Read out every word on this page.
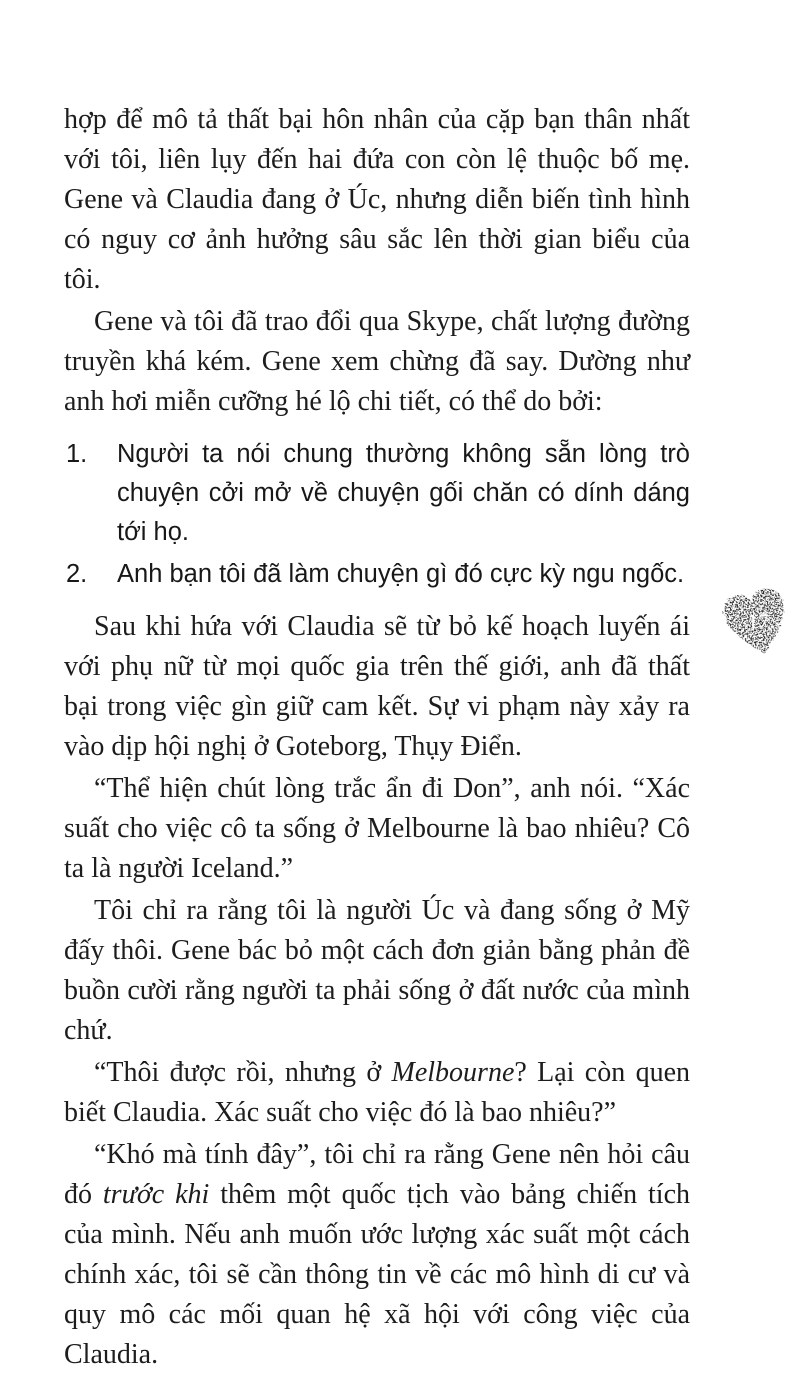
hợp để mô tả thất bại hôn nhân của cặp bạn thân nhất với tôi, liên lụy đến hai đứa con còn lệ thuộc bố mẹ. Gene và Claudia đang ở Úc, nhưng diễn biến tình hình có nguy cơ ảnh hưởng sâu sắc lên thời gian biểu của tôi.

Gene và tôi đã trao đổi qua Skype, chất lượng đường truyền khá kém. Gene xem chừng đã say. Dường như anh hơi miễn cưỡng hé lộ chi tiết, có thể do bởi:

1. Người ta nói chung thường không sẵn lòng trò chuyện cởi mở về chuyện gối chăn có dính dáng tới họ.
2. Anh bạn tôi đã làm chuyện gì đó cực kỳ ngu ngốc.

Sau khi hứa với Claudia sẽ từ bỏ kế hoạch luyến ái với phụ nữ từ mọi quốc gia trên thế giới, anh đã thất bại trong việc gìn giữ cam kết. Sự vi phạm này xảy ra vào dịp hội nghị ở Goteborg, Thụy Điển.

“Thể hiện chút lòng trắc ẩn đi Don”, anh nói. “Xác suất cho việc cô ta sống ở Melbourne là bao nhiêu? Cô ta là người Iceland.”

Tôi chỉ ra rằng tôi là người Úc và đang sống ở Mỹ đấy thôi. Gene bác bỏ một cách đơn giản bằng phản đề buồn cười rằng người ta phải sống ở đất nước của mình chứ.

“Thôi được rồi, nhưng ở Melbourne? Lại còn quen biết Claudia. Xác suất cho việc đó là bao nhiêu?”

“Khó mà tính đây”, tôi chỉ ra rằng Gene nên hỏi câu đó trước khi thêm một quốc tịch vào bảng chiến tích của mình. Nếu anh muốn ước lượng xác suất một cách chính xác, tôi sẽ cần thông tin về các mô hình di cư và quy mô các mối quan hệ xã hội với công việc của Claudia.

17
